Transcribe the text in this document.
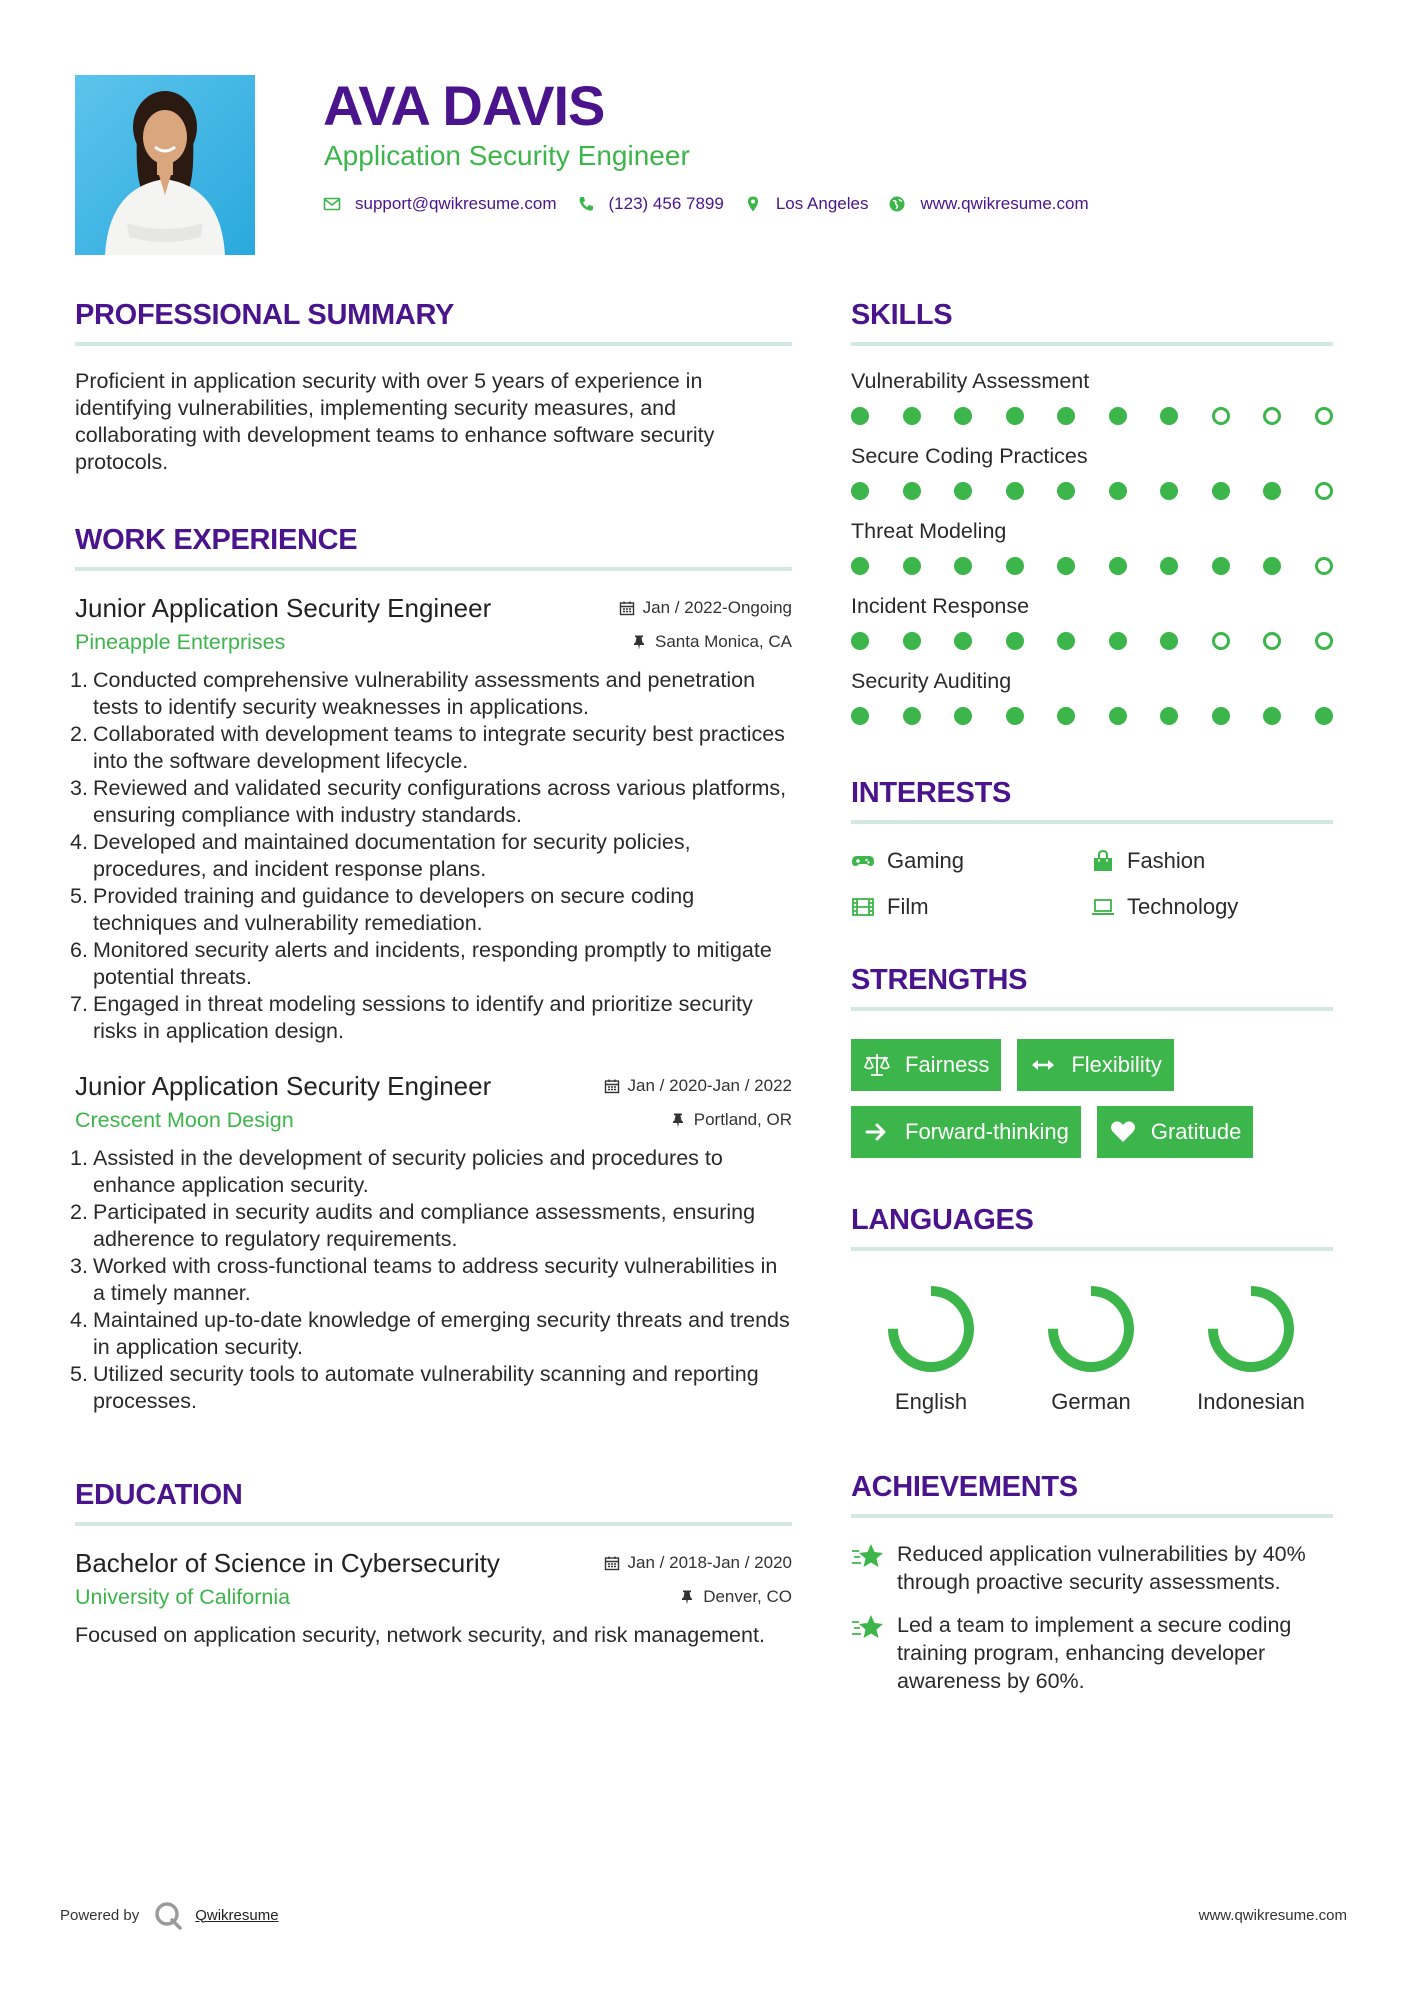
AVA DAVIS
Application Security Engineer
support@qwikresume.com	(123) 456 7899	Los Angeles	www.qwikresume.com
PROFESSIONAL SUMMARY

Proficient in application security with over 5 years of experience in identifying vulnerabilities, implementing security measures, and collaborating with development teams to enhance software security protocols.

WORK EXPERIENCE
Junior Application Security Engineer	Jan / 2022-Ongoing
Pineapple Enterprises	Santa Monica, CA
1. Conducted comprehensive vulnerability assessments and penetration tests to identify security weaknesses in applications.
2. Collaborated with development teams to integrate security best practices into the software development lifecycle.
3. Reviewed and validated security configurations across various platforms, ensuring compliance with industry standards.
4. Developed and maintained documentation for security policies, procedures, and incident response plans.
5. Provided training and guidance to developers on secure coding techniques and vulnerability remediation.
6. Monitored security alerts and incidents, responding promptly to mitigate potential threats.
7. Engaged in threat modeling sessions to identify and prioritize security risks in application design.
Junior Application Security Engineer	Jan / 2020-Jan / 2022
Crescent Moon Design	Portland, OR
1. Assisted in the development of security policies and procedures to enhance application security.
2. Participated in security audits and compliance assessments, ensuring adherence to regulatory requirements.
3. Worked with cross-functional teams to address security vulnerabilities in a timely manner.
4. Maintained up-to-date knowledge of emerging security threats and trends in application security.
5. Utilized security tools to automate vulnerability scanning and reporting processes.
EDUCATION
Bachelor of Science in Cybersecurity	Jan / 2018-Jan / 2020
University of California	Denver, CO

Focused on application security, network security, and risk management.

SKILLS
Vulnerability Assessment
Secure Coding Practices
Threat Modeling
Incident Response
Security Auditing
INTERESTS
Gaming	Fashion
Film	Technology
STRENGTHS
Fairness	Flexibility
Forward-thinking	Gratitude
LANGUAGES
English	German	Indonesian
ACHIEVEMENTS
Reduced application vulnerabilities by 40% through proactive security assessments.
Led a team to implement a secure coding training program, enhancing developer awareness by 60%.
Powered by	Qwikresume	www.qwikresume.com
